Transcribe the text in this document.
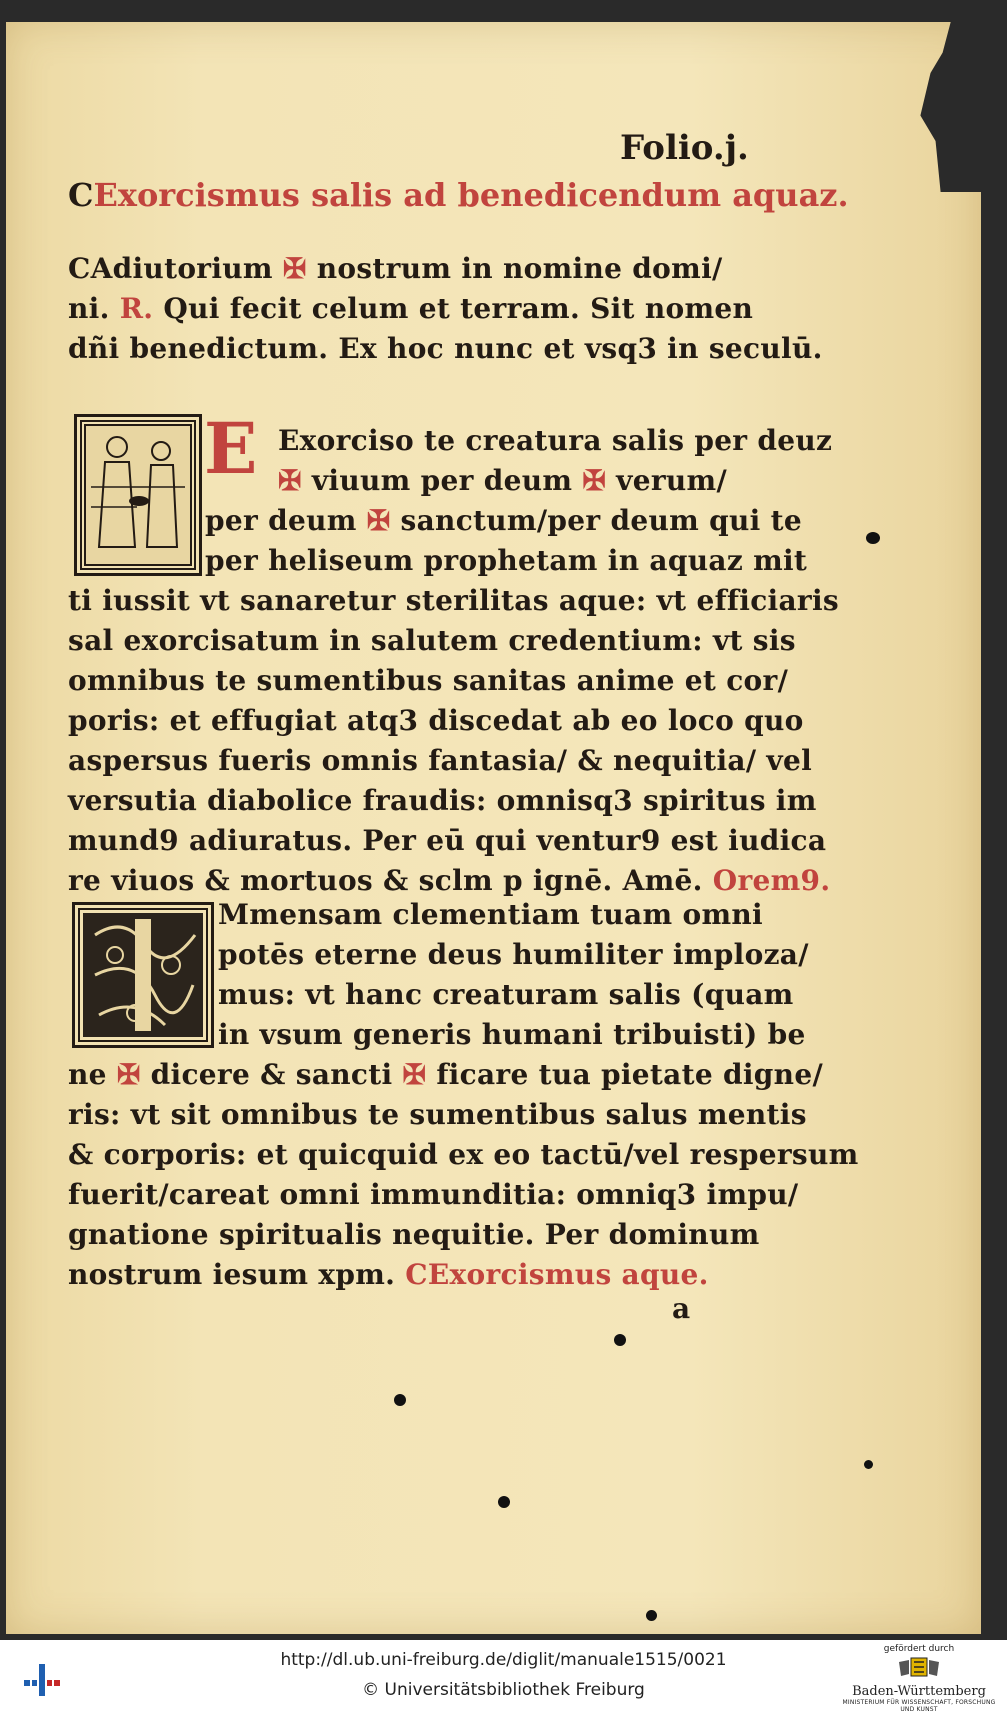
Folio.j.
CExorcismus salis ad benedicendum aquaz.
CAdiutorium ✠ nostrum in nomine domi/
ni. R. Qui fecit celum et terram. Sit nomen
dñi benedictum. Ex hoc nunc et vsq3 in seculū.
E Exorciso te creatura salis per deuz
✠ viuum per deum ✠ verum/
per deum ✠ sanctum/per deum qui te
per heliseum prophetam in aquaz mit
ti iussit vt sanaretur sterilitas aque: vt efficiaris
sal exorcisatum in salutem credentium: vt sis
omnibus te sumentibus sanitas anime et cor/
poris: et effugiat atq3 discedat ab eo loco quo
aspersus fueris omnis fantasia/ & nequitia/ vel
versutia diabolice fraudis: omnisq3 spiritus im
mund9 adiuratus. Per eū qui ventur9 est iudica
re viuos & mortuos & sclm p ignē. Amē. Orem9.
Mmensam clementiam tuam omni
potēs eterne deus humiliter imploza/
mus: vt hanc creaturam salis (quam
in vsum generis humani tribuisti) be
ne ✠ dicere & sancti ✠ ficare tua pietate digne/
ris: vt sit omnibus te sumentibus salus mentis
& corporis: et quicquid ex eo tactū/vel respersum
fuerit/careat omni immunditia: omniq3 impu/
gnatione spiritualis nequitie. Per dominum
nostrum iesum xpm. CExorcismus aque.
a
http://dl.ub.uni-freiburg.de/diglit/manuale1515/0021
© Universitätsbibliothek Freiburg
gefördert durch
Baden-Württemberg
MINISTERIUM FÜR WISSENSCHAFT, FORSCHUNG UND KUNST
